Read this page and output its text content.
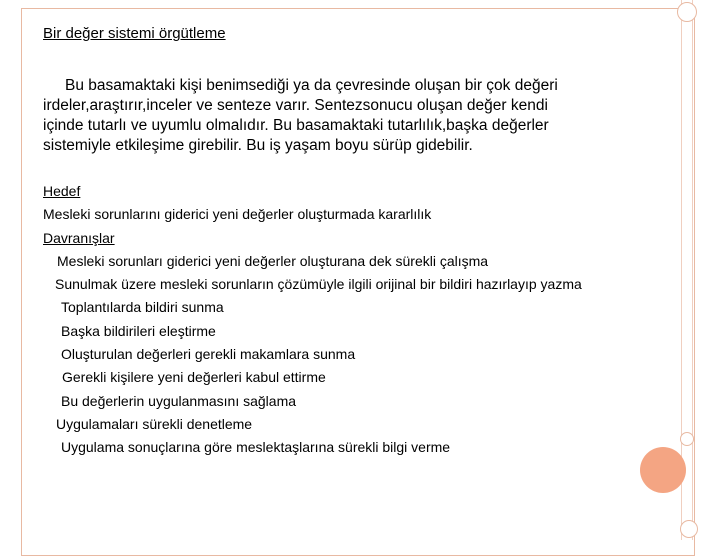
Bir değer sistemi örgütleme
Bu basamaktaki kişi benimsediği ya da çevresinde oluşan bir çok değeri
irdeler,araştırır,inceler ve senteze varır. Sentezsonucu oluşan değer kendi
içinde tutarlı ve uyumlu olmalıdır. Bu basamaktaki tutarlılık,başka değerler
sistemiyle etkileşime girebilir. Bu iş yaşam boyu sürüp gidebilir.
Hedef
Mesleki sorunlarını giderici yeni değerler oluşturmada kararlılık
Davranışlar
Mesleki sorunları giderici yeni değerler oluşturana dek sürekli çalışma
Sunulmak üzere mesleki sorunların çözümüyle ilgili orijinal bir bildiri hazırlayıp yazma
Toplantılarda bildiri sunma
Başka bildirileri eleştirme
Oluşturulan değerleri gerekli makamlara sunma
Gerekli kişilere yeni değerleri kabul ettirme
Bu değerlerin uygulanmasını sağlama
Uygulamaları sürekli denetleme
Uygulama sonuçlarına göre meslektaşlarına sürekli bilgi verme
